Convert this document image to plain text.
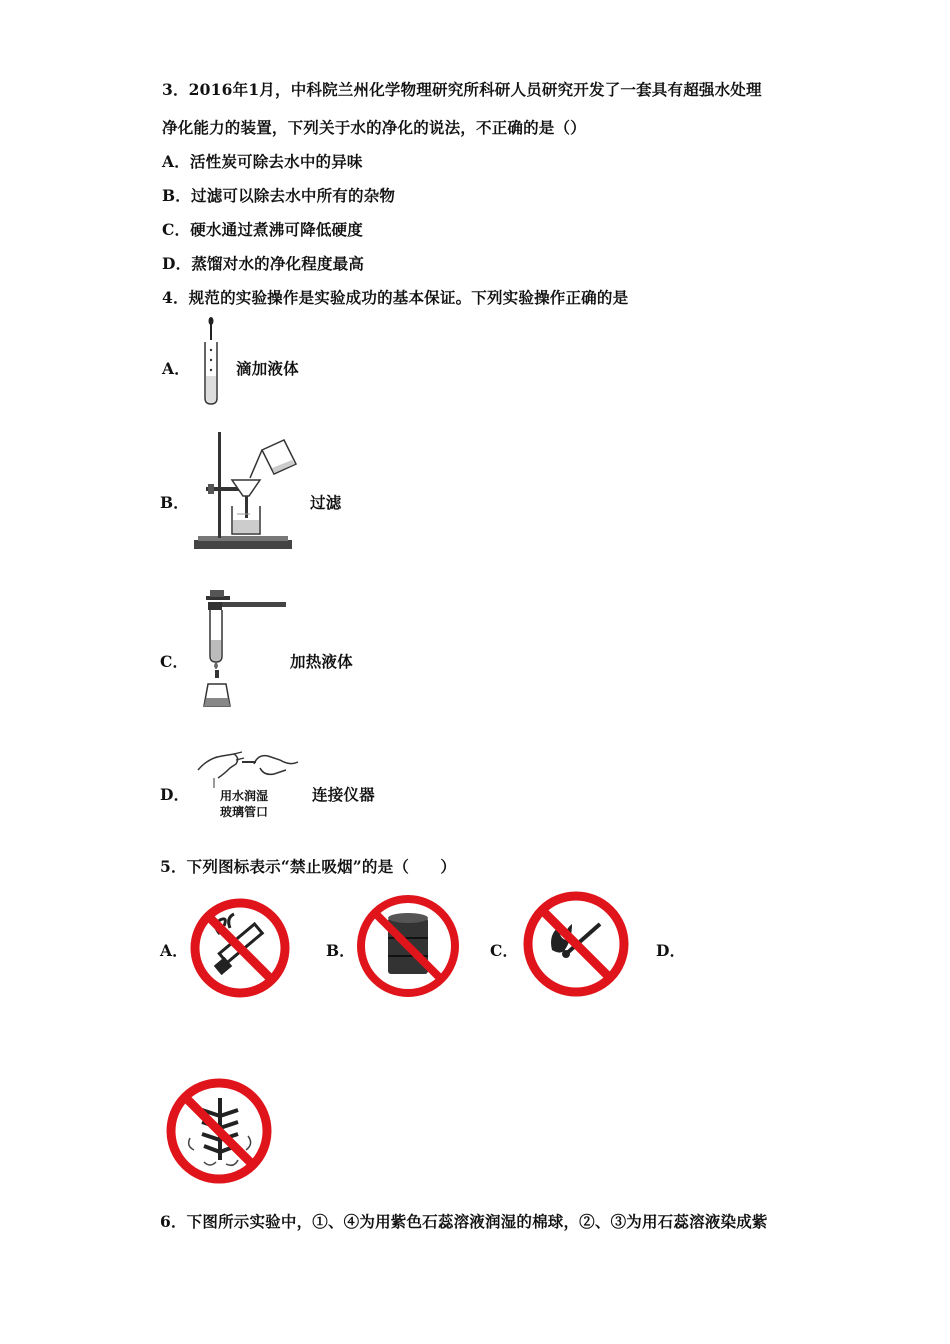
3．2016年1月，中科院兰州化学物理研究所科研人员研究开发了一套具有超强水处理
净化能力的装置，下列关于水的净化的说法，不正确的是（）
A．活性炭可除去水中的异味
B．过滤可以除去水中所有的杂物
C．硬水通过煮沸可降低硬度
D．蒸馏对水的净化程度最高
4．规范的实验操作是实验成功的基本保证。下列实验操作正确的是
A．	滴加液体
B．	过滤
C．	加热液体
D．	用水润湿
玻璃管口
连接仪器
5．下列图标表示“禁止吸烟”的是（　　）
A．	B．	C．	D．
6．下图所示实验中，①、④为用紫色石蕊溶液润湿的棉球，②、③为用石蕊溶液染成紫
